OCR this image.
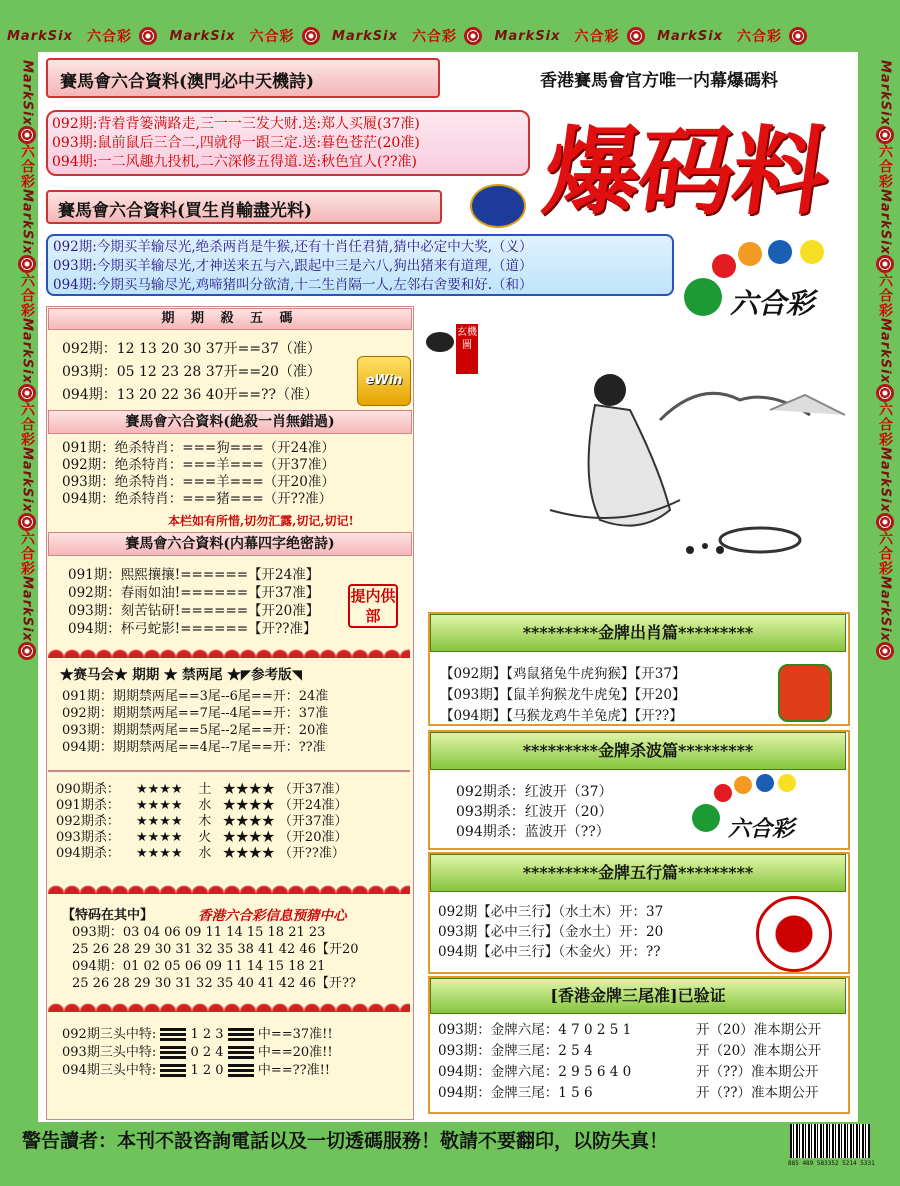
MarkSix 六合彩	MarkSix 六合彩	MarkSix 六合彩	MarkSix 六合彩	MarkSix 六合彩
MarkSix六合彩MarkSix六合彩MarkSix六合彩MarkSix六合彩MarkSix
MarkSix六合彩MarkSix六合彩MarkSix六合彩MarkSix六合彩MarkSix
賽馬會六合資料(澳門必中天機詩)	香港賽馬會官方唯一内幕爆碼料
092期:背着背篓满路走,三一一三发大财.送:郑人买履(37准)
093期:鼠前鼠后三合二,四就得一跟三定.送:暮色苍茫(20准)
094期:一二风趣九投机,二六深修五得道.送:秋色宜人(??准)	爆码料
賽馬會六合資料(買生肖輸盡光料)
092期:今期买羊输尽光,绝杀两肖是牛猴,还有十肖任君猜,猜中必定中大奖,（义）
093期:今期买羊输尽光,才神送来五与六,跟起中三是六八,狗出猪来有道理,（道）
094期:今期买马输尽光,鸡啼猪叫分欲清,十二生肖隔一人,左邻右舍要和好.（和）
六合彩
期 期 殺 五 碼
092期：12 13 20 30 37开==37（准）
093期：05 12 23 28 37开==20（准）
094期：13 20 22 36 40开==??（准）
eWin
賽馬會六合資料(絶殺一肖無錯過)
091期：绝杀特肖：===狗===（开24准）
092期：绝杀特肖：===羊===（开37准）
093期：绝杀特肖：===羊===（开20准）
094期：绝杀特肖：===猪===（开??准）
本栏如有所惜,切勿汇露,切记,切记!
賽馬會六合資料(内幕四字绝密詩)
091期：熙熙攘攘!======【开24准】
092期：春雨如油!======【开37准】
093期：刻苦钻研!======【开20准】
094期：杯弓蛇影!======【开??准】
提内供部
★赛马会★ 期期 ★ 禁两尾 ★◤参考版◥
091期：期期禁两尾==3尾--6尾==开：24准
092期：期期禁两尾==7尾--4尾==开：37准
093期：期期禁两尾==5尾--2尾==开：20准
094期：期期禁两尾==4尾--7尾==开：??准
090期杀： ★★★★ 土 ★★★★ （开37准）
091期杀： ★★★★ 水 ★★★★ （开24准）
092期杀： ★★★★ 木 ★★★★ （开37准）
093期杀： ★★★★ 火 ★★★★ （开20准）
094期杀： ★★★★ 水 ★★★★ （开??准）
【特码在其中】	香港六合彩信息预猜中心
093期：03 04 06 09 11 14 15 18 21 23
25 26 28 29 30 31 32 35 38 41 42 46【开20
094期：01 02 05 06 09 11 14 15 18 21
25 26 28 29 30 31 32 35 40 41 42 46【开??
092期三头中特:	1 2 3	中==37准!!
093期三头中特:	0 2 4	中==20准!!
094期三头中特:	1 2 0	中==??准!!
玄機圖
*********金牌出肖篇*********
【092期】【鸡鼠猪兔牛虎狗猴】【开37】
【093期】【鼠羊狗猴龙牛虎兔】【开20】
【094期】【马猴龙鸡牛羊兔虎】【开??】
*********金牌杀波篇*********
092期杀：红波开（37）
093期杀：红波开（20）
094期杀：蓝波开（??）	六合彩
*********金牌五行篇*********
092期【必中三行】（水土木）开：37
093期【必中三行】（金水土）开：20
094期【必中三行】（木金火）开：??
[香港金牌三尾准]已验证
093期：金牌六尾：4 7 0 2 5 1	开（20）准本期公开
093期：金牌三尾：2 5 4	开（20）准本期公开
094期：金牌六尾：2 9 5 6 4 0	开（??）准本期公开
094期：金牌三尾：1 5 6	开（??）准本期公开
警告讀者：本刊不設咨詢電話以及一切透碼服務！敬請不要翻印，以防失真！
885 489 583352 5214 5331
